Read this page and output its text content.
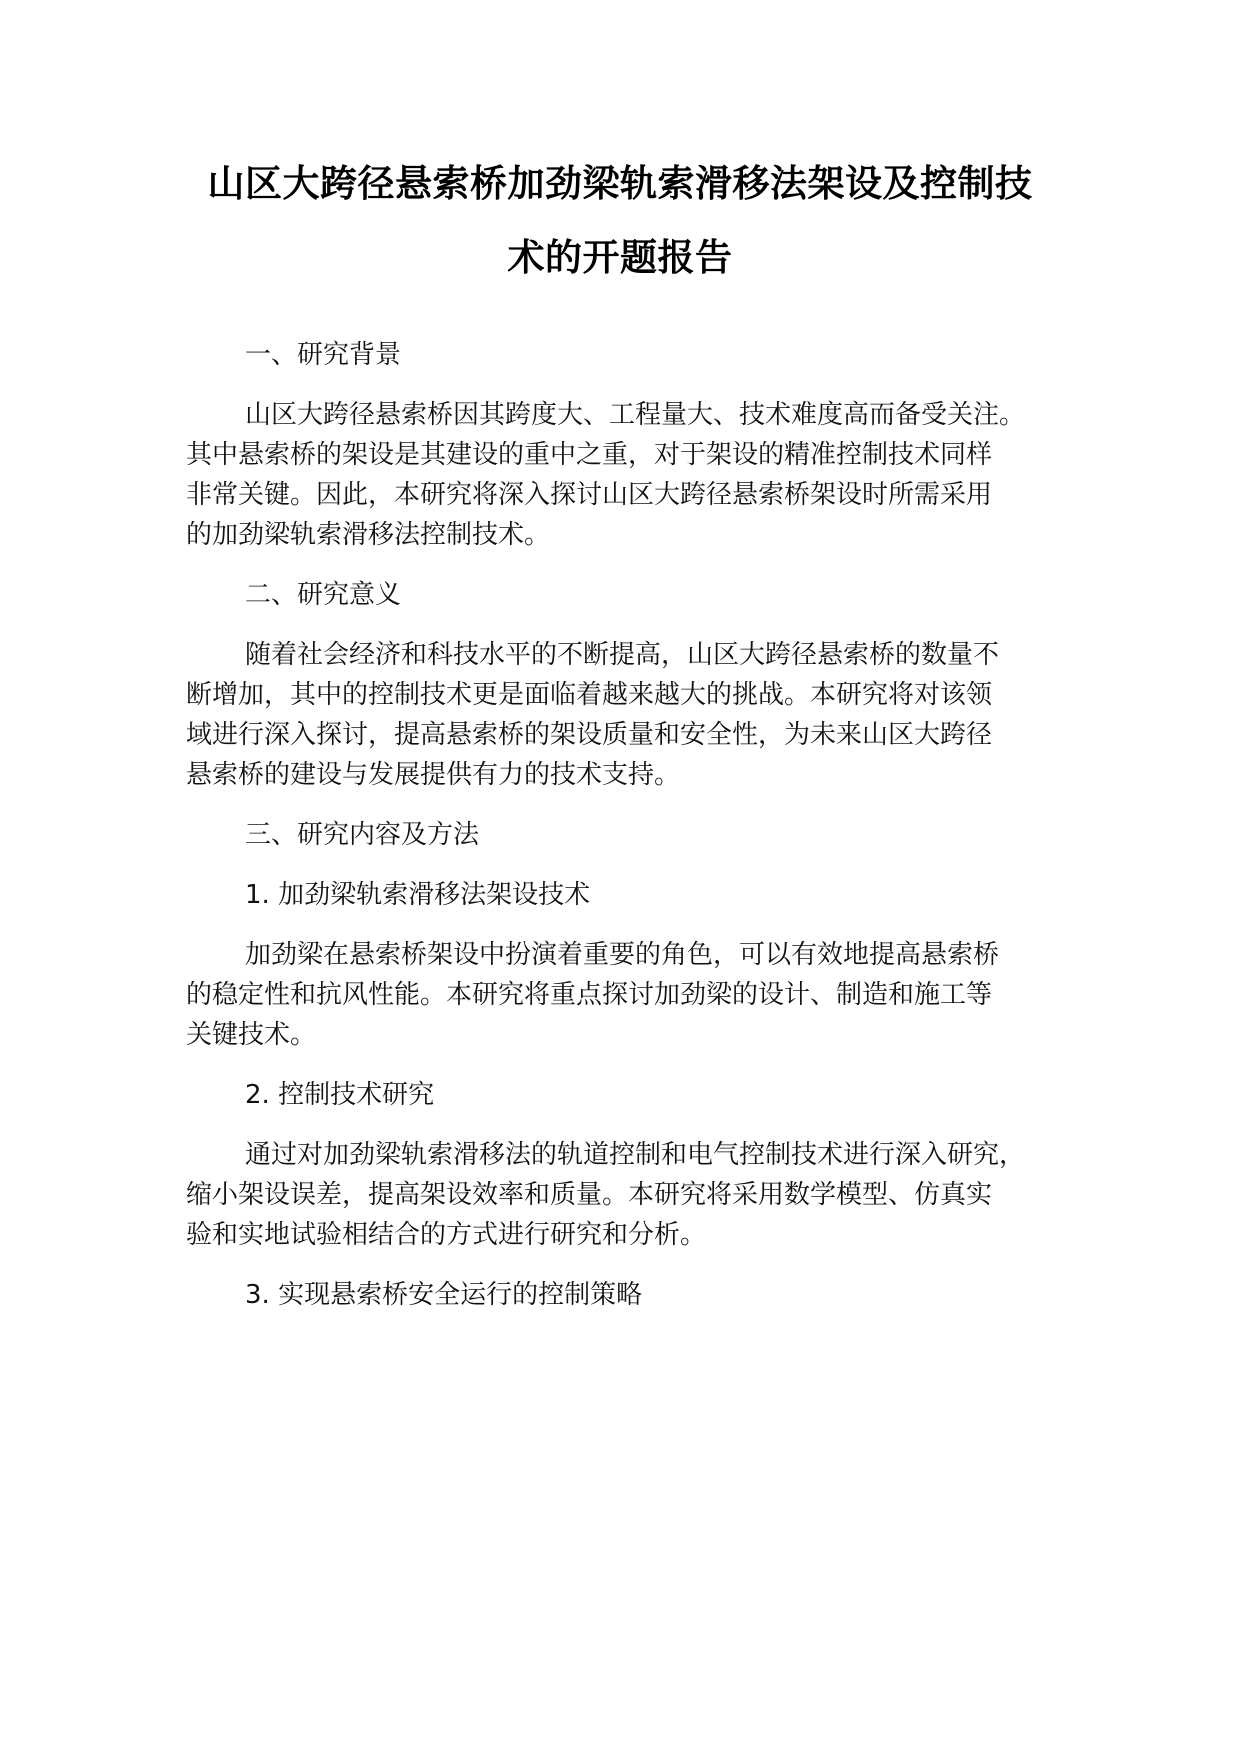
山区大跨径悬索桥加劲梁轨索滑移法架设及控制技
术的开题报告
一、研究背景
山区大跨径悬索桥因其跨度大、工程量大、技术难度高而备受关注。
其中悬索桥的架设是其建设的重中之重，对于架设的精准控制技术同样
非常关键。因此，本研究将深入探讨山区大跨径悬索桥架设时所需采用
的加劲梁轨索滑移法控制技术。
二、研究意义
随着社会经济和科技水平的不断提高，山区大跨径悬索桥的数量不
断增加，其中的控制技术更是面临着越来越大的挑战。本研究将对该领
域进行深入探讨，提高悬索桥的架设质量和安全性，为未来山区大跨径
悬索桥的建设与发展提供有力的技术支持。
三、研究内容及方法
1. 加劲梁轨索滑移法架设技术
加劲梁在悬索桥架设中扮演着重要的角色，可以有效地提高悬索桥
的稳定性和抗风性能。本研究将重点探讨加劲梁的设计、制造和施工等
关键技术。
2. 控制技术研究
通过对加劲梁轨索滑移法的轨道控制和电气控制技术进行深入研究，
缩小架设误差，提高架设效率和质量。本研究将采用数学模型、仿真实
验和实地试验相结合的方式进行研究和分析。
3. 实现悬索桥安全运行的控制策略
